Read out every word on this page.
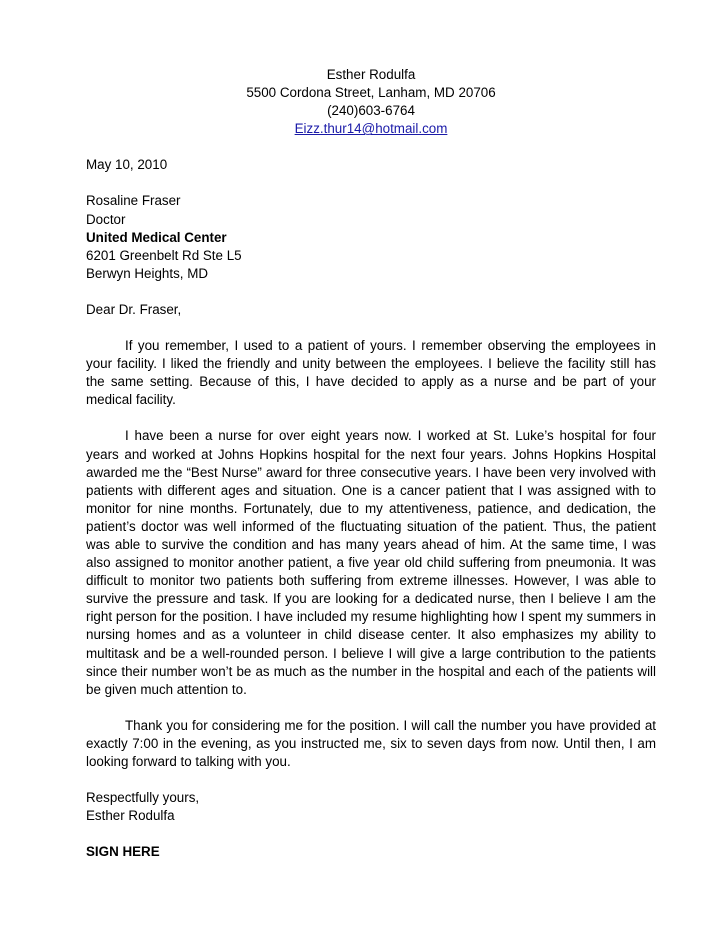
Esther Rodulfa
5500 Cordona Street, Lanham, MD 20706
(240)603-6764
Eizz.thur14@hotmail.com
May 10, 2010
Rosaline Fraser
Doctor
United Medical Center
6201 Greenbelt Rd Ste L5
Berwyn Heights, MD
Dear Dr. Fraser,

If you remember, I used to a patient of yours. I remember observing the employees in your facility. I liked the friendly and unity between the employees. I believe the facility still has the same setting. Because of this, I have decided to apply as a nurse and be part of your medical facility.

I have been a nurse for over eight years now. I worked at St. Luke’s hospital for four years and worked at Johns Hopkins hospital for the next four years. Johns Hopkins Hospital awarded me the “Best Nurse” award for three consecutive years. I have been very involved with patients with different ages and situation. One is a cancer patient that I was assigned with to monitor for nine months. Fortunately, due to my attentiveness, patience, and dedication, the patient’s doctor was well informed of the fluctuating situation of the patient. Thus, the patient was able to survive the condition and has many years ahead of him. At the same time, I was also assigned to monitor another patient, a five year old child suffering from pneumonia. It was difficult to monitor two patients both suffering from extreme illnesses. However, I was able to survive the pressure and task. If you are looking for a dedicated nurse, then I believe I am the right person for the position. I have included my resume highlighting how I spent my summers in nursing homes and as a volunteer in child disease center. It also emphasizes my ability to multitask and be a well-rounded person. I believe I will give a large contribution to the patients since their number won’t be as much as the number in the hospital and each of the patients will be given much attention to.

Thank you for considering me for the position. I will call the number you have provided at exactly 7:00 in the evening, as you instructed me, six to seven days from now. Until then, I am looking forward to talking with you.

Respectfully yours,
Esther Rodulfa
SIGN HERE
